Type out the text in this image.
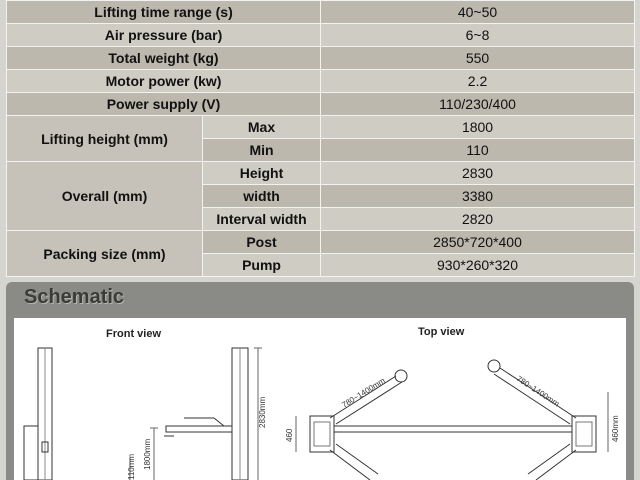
Lifting time range (s)		40~50
Air pressure (bar)		6~8
Total weight (kg)		550
Motor power (kw)		2.2
Power supply (V)		110/230/400
Lifting height (mm)	Max	1800
	Min	110
Overall (mm)	Height	2830
	width	3380
	Interval width	2820
Packing size (mm)	Post	2850*720*400
	Pump	930*260*320
Schematic
Front view	Top view
2830mm
1800mm
110mm
780~1400mm	780~1400mm
460	460mm
